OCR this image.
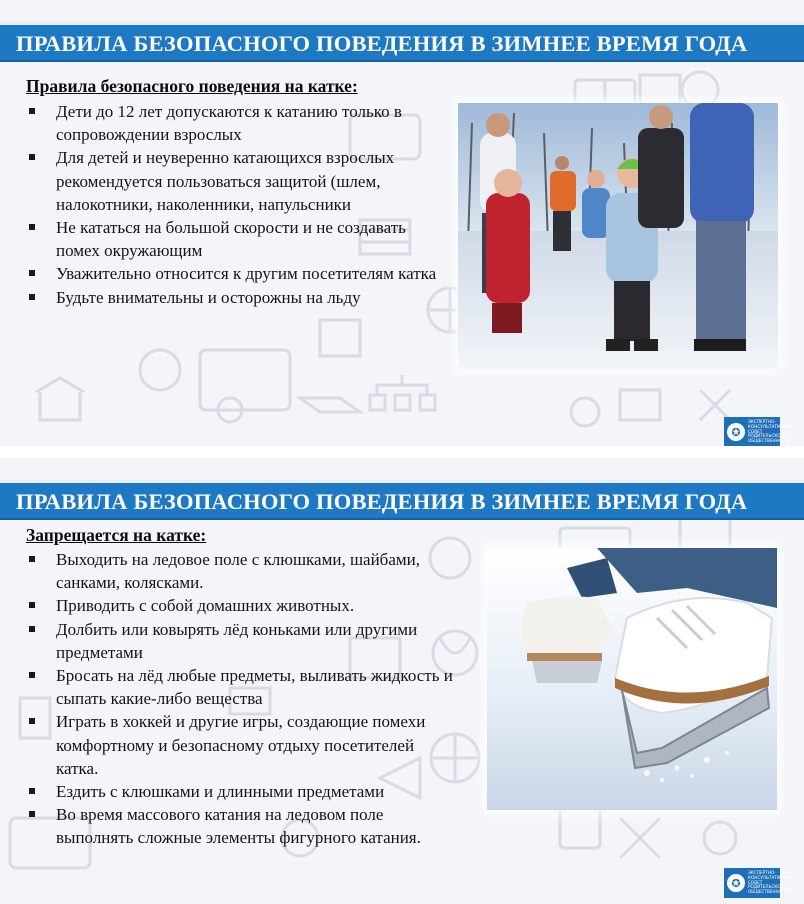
ПРАВИЛА БЕЗОПАСНОГО ПОВЕДЕНИЯ В ЗИМНЕЕ ВРЕМЯ ГОДА
Правила безопасного поведения на катке:
Дети до 12 лет допускаются к катанию только в сопровождении взрослых
Для детей и неуверенно катающихся взрослых рекомендуется пользоваться защитой (шлем, налокотники, наколенники, напульсники
Не кататься на большой скорости и не создавать помех окружающим
Уважительно относится к другим посетителям катка
Будьте внимательны и осторожны на льду
✪
ЭКСПЕРТНО-КОНСУЛЬТАТИВНЫЙ СОВЕТ РОДИТЕЛЬСКОЙ ОБЩЕСТВЕННОСТИ
ПРАВИЛА БЕЗОПАСНОГО ПОВЕДЕНИЯ В ЗИМНЕЕ ВРЕМЯ ГОДА
Запрещается на катке:
Выходить на ледовое поле с клюшками, шайбами, санками, колясками.
Приводить с собой домашних животных.
Долбить или ковырять лёд коньками или другими предметами
Бросать на лёд любые предметы, выливать жидкость и сыпать какие-либо вещества
Играть в хоккей и другие игры, создающие помехи комфортному и безопасному отдыху посетителей катка.
Ездить с клюшками и длинными предметами
Во время массового катания на ледовом поле выполнять сложные элементы фигурного катания.
✪
ЭКСПЕРТНО-КОНСУЛЬТАТИВНЫЙ СОВЕТ РОДИТЕЛЬСКОЙ ОБЩЕСТВЕННОСТИ
